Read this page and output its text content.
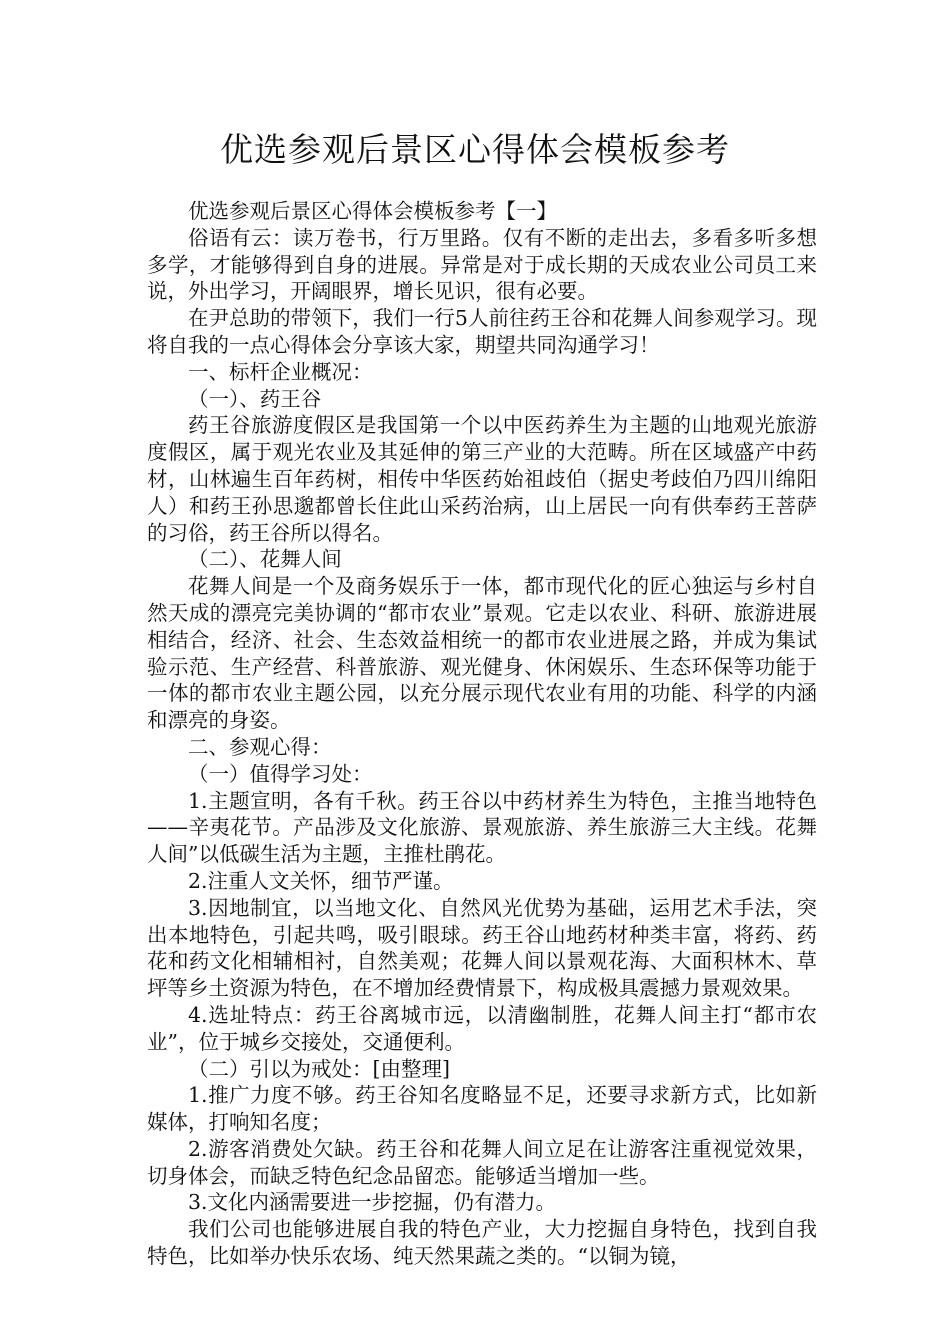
优选参观后景区心得体会模板参考

优选参观后景区心得体会模板参考【一】

俗语有云：读万卷书，行万里路。仅有不断的走出去，多看多听多想多学，才能够得到自身的进展。异常是对于成长期的天成农业公司员工来说，外出学习，开阔眼界，增长见识，很有必要。

在尹总助的带领下，我们一行5人前往药王谷和花舞人间参观学习。现将自我的一点心得体会分享该大家，期望共同沟通学习！

一、标杆企业概况：

（一）、药王谷

药王谷旅游度假区是我国第一个以中医药养生为主题的山地观光旅游度假区，属于观光农业及其延伸的第三产业的大范畴。所在区域盛产中药材，山林遍生百年药树，相传中华医药始祖歧伯（据史考歧伯乃四川绵阳人）和药王孙思邈都曾长住此山采药治病，山上居民一向有供奉药王菩萨的习俗，药王谷所以得名。

（二）、花舞人间

花舞人间是一个及商务娱乐于一体，都市现代化的匠心独运与乡村自然天成的漂亮完美协调的“都市农业”景观。它走以农业、科研、旅游进展相结合，经济、社会、生态效益相统一的都市农业进展之路，并成为集试验示范、生产经营、科普旅游、观光健身、休闲娱乐、生态环保等功能于一体的都市农业主题公园，以充分展示现代农业有用的功能、科学的内涵和漂亮的身姿。

二、参观心得：

（一）值得学习处：

1.主题宣明，各有千秋。药王谷以中药材养生为特色，主推当地特色——辛夷花节。产品涉及文化旅游、景观旅游、养生旅游三大主线。花舞人间”以低碳生活为主题，主推杜鹃花。

2.注重人文关怀，细节严谨。

3.因地制宜，以当地文化、自然风光优势为基础，运用艺术手法，突出本地特色，引起共鸣，吸引眼球。药王谷山地药材种类丰富，将药、药花和药文化相辅相衬，自然美观；花舞人间以景观花海、大面积林木、草坪等乡土资源为特色，在不增加经费情景下，构成极具震撼力景观效果。

4.选址特点：药王谷离城市远，以清幽制胜，花舞人间主打“都市农业”，位于城乡交接处，交通便利。

（二）引以为戒处：[由整理]

1.推广力度不够。药王谷知名度略显不足，还要寻求新方式，比如新媒体，打响知名度；

2.游客消费处欠缺。药王谷和花舞人间立足在让游客注重视觉效果，切身体会，而缺乏特色纪念品留恋。能够适当增加一些。

3.文化内涵需要进一步挖掘，仍有潜力。

我们公司也能够进展自我的特色产业，大力挖掘自身特色，找到自我特色，比如举办快乐农场、纯天然果蔬之类的。“以铜为镜，
